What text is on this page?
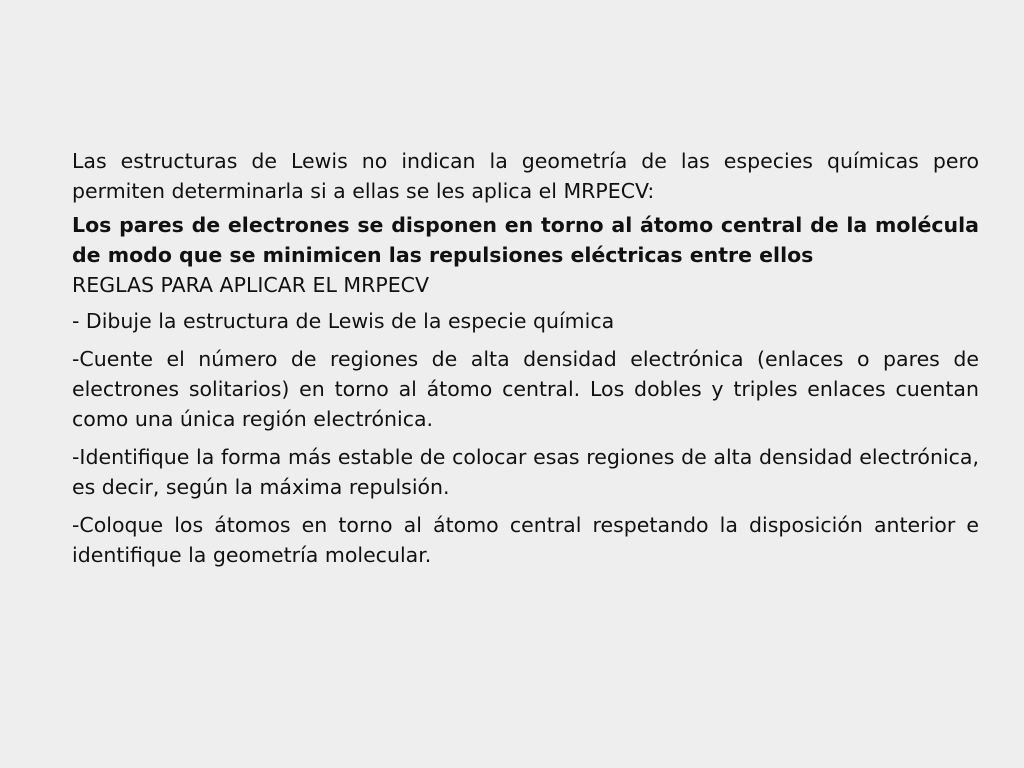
Las estructuras de Lewis no indican la geometría de las especies químicas pero permiten determinarla si a ellas se les aplica el MRPECV:

Los pares de electrones se disponen en torno al átomo central de la molécula de modo que se minimicen las repulsiones eléctricas entre ellos

REGLAS PARA APLICAR EL MRPECV

- Dibuje la estructura de Lewis de la especie química

-Cuente el número de regiones de alta densidad electrónica (enlaces o pares de electrones solitarios) en torno al átomo central. Los dobles y triples enlaces cuentan como una única región electrónica.

-Identifique la forma más estable de colocar esas regiones de alta densidad electrónica, es decir, según la máxima repulsión.

-Coloque los átomos en torno al átomo central respetando la disposición anterior e identifique la geometría molecular.
